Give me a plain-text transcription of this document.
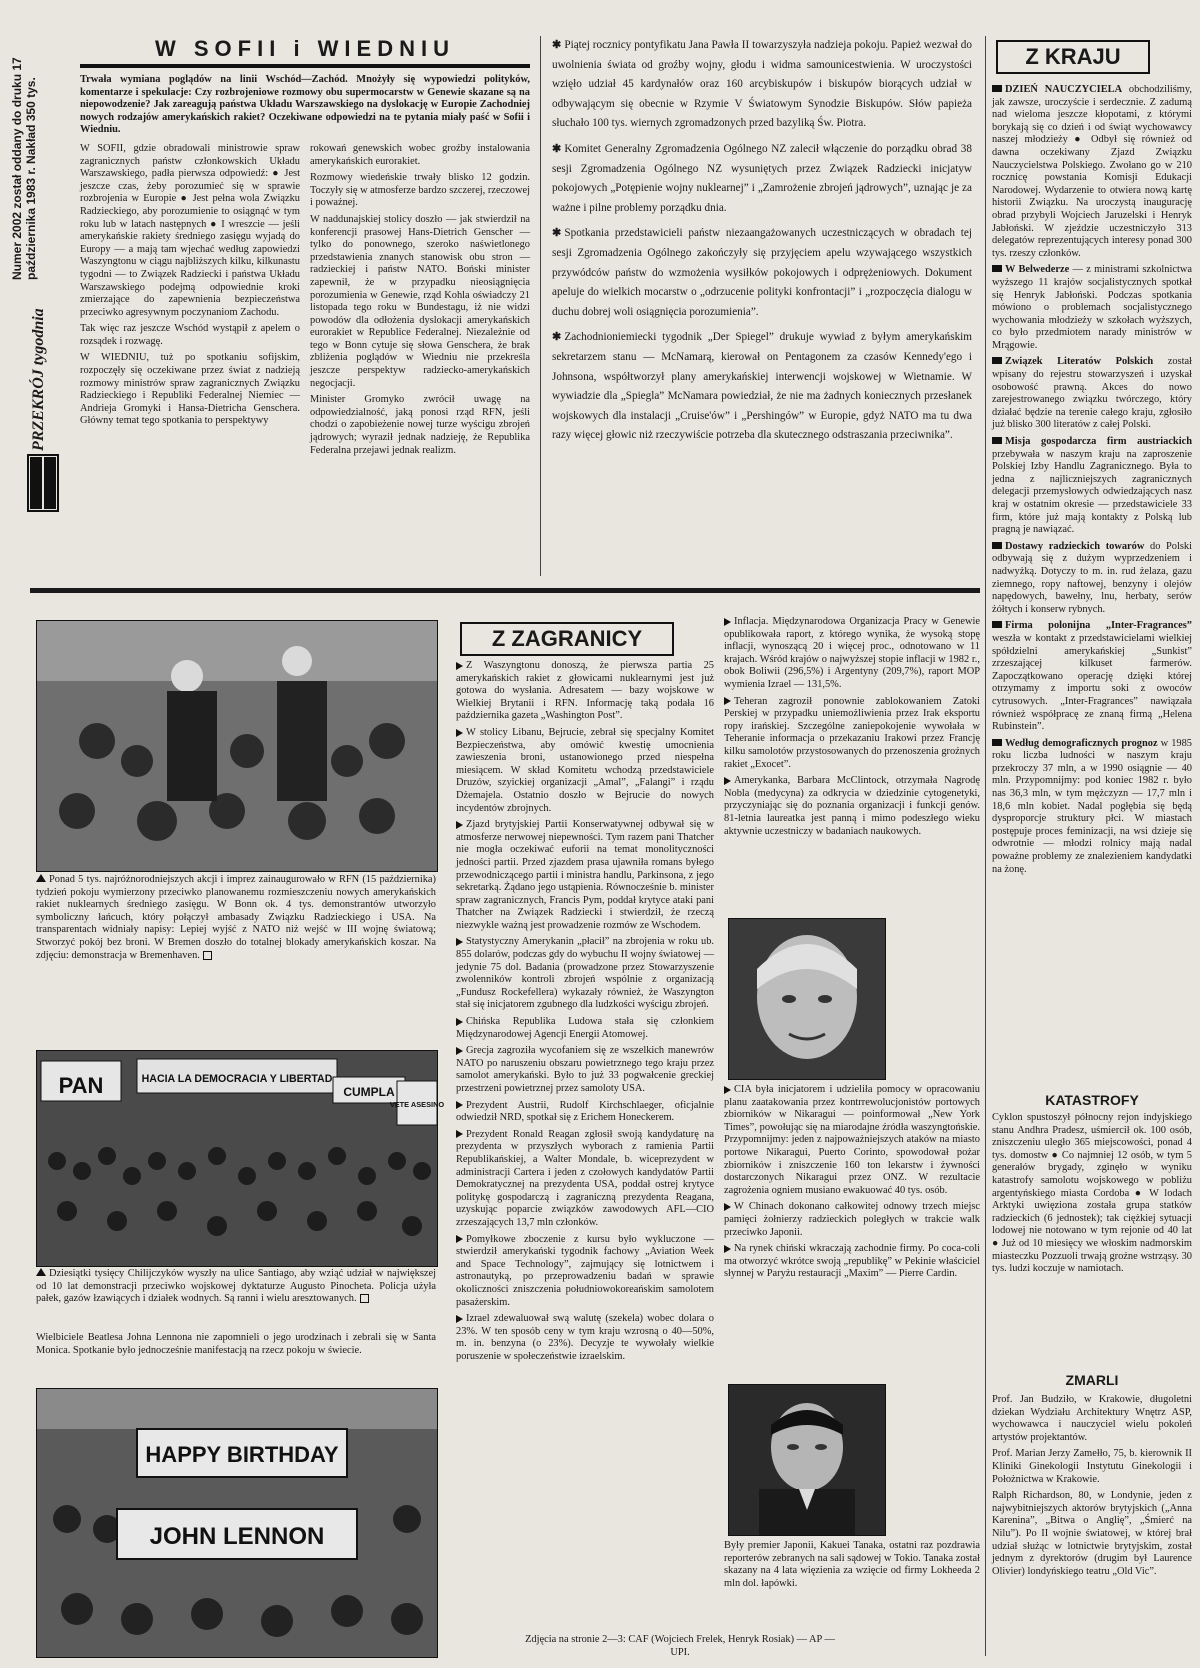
Numer 2002 został oddany do druku 17 października 1983 r. Nakład 350 tys.
PRZEKRÓJ tygodnia
W SOFII i WIEDNIU

Trwała wymiana poglądów na linii Wschód—Zachód. Mnożyły się wypowiedzi polityków, komentarze i spekulacje: Czy rozbrojeniowe rozmowy obu supermocarstw w Genewie skazane są na niepowodzenie? Jak zareagują państwa Układu Warszawskiego na dyslokację w Europie Zachodniej nowych rodzajów amerykańskich rakiet? Oczekiwane odpowiedzi na te pytania miały paść w Sofii i Wiedniu.

W SOFII, gdzie obradowali ministrowie spraw zagranicznych państw członkowskich Układu Warszawskiego, padła pierwsza odpowiedź: ● Jest jeszcze czas, żeby porozumieć się w sprawie rozbrojenia w Europie ● Jest pełna wola Związku Radzieckiego, aby porozumienie to osiągnąć w tym roku lub w latach następnych ● I wreszcie — jeśli amerykańskie rakiety średniego zasięgu wyjadą do Europy — a mają tam wjechać według zapowiedzi Waszyngtonu w ciągu najbliższych kilku, kilkunastu tygodni — to Związek Radziecki i państwa Układu Warszawskiego podejmą odpowiednie kroki zmierzające do zapewnienia bezpieczeństwa przeciwko agresywnym poczynaniom Zachodu.

Tak więc raz jeszcze Wschód wystąpił z apelem o rozsądek i rozwagę.

W WIEDNIU, tuż po spotkaniu sofijskim, rozpoczęły się oczekiwane przez świat z nadzieją rozmowy ministrów spraw zagranicznych Związku Radzieckiego i Republiki Federalnej Niemiec — Andrieja Gromyki i Hansa-Dietricha Genschera. Główny temat tego spotkania to perspektywy

rokowań genewskich wobec groźby instalowania amerykańskich eurorakiet.

Rozmowy wiedeńskie trwały blisko 12 godzin. Toczyły się w atmosferze bardzo szczerej, rzeczowej i poważnej.

W naddunajskiej stolicy doszło — jak stwierdził na konferencji prasowej Hans-Dietrich Genscher — tylko do ponownego, szeroko naświetlonego przedstawienia znanych stanowisk obu stron — radzieckiej i państw NATO. Boński minister zapewnił, że w przypadku nieosiągnięcia porozumienia w Genewie, rząd Kohla oświadczy 21 listopada tego roku w Bundestagu, iż nie widzi powodów dla odłożenia dyslokacji amerykańskich eurorakiet w Republice Federalnej. Niezależnie od tego w Bonn cytuje się słowa Genschera, że brak zbliżenia poglądów w Wiedniu nie przekreśla jeszcze perspektyw radziecko-amerykańskich negocjacji.

Minister Gromyko zwrócił uwagę na odpowiedzialność, jaką ponosi rząd RFN, jeśli chodzi o zapobieżenie nowej turze wyścigu zbrojeń jądrowych; wyraził jednak nadzieję, że Republika Federalna przejawi jednak realizm.

✱ Piątej rocznicy pontyfikatu Jana Pawła II towarzyszyła nadzieja pokoju. Papież wezwał do uwolnienia świata od groźby wojny, głodu i widma samounicestwienia. W uroczystości wzięło udział 45 kardynałów oraz 160 arcybiskupów i biskupów biorących udział w odbywającym się obecnie w Rzymie V Światowym Synodzie Biskupów. Słów papieża słuchało 100 tys. wiernych zgromadzonych przed bazyliką Św. Piotra.

✱ Komitet Generalny Zgromadzenia Ogólnego NZ zalecił włączenie do porządku obrad 38 sesji Zgromadzenia Ogólnego NZ wysuniętych przez Związek Radziecki inicjatyw pokojowych „Potępienie wojny nuklearnej” i „Zamrożenie zbrojeń jądrowych”, uznając je za ważne i pilne problemy porządku dnia.

✱ Spotkania przedstawicieli państw niezaangażowanych uczestniczących w obradach tej sesji Zgromadzenia Ogólnego zakończyły się przyjęciem apelu wzywającego wszystkich przywódców państw do wzmożenia wysiłków pokojowych i odprężeniowych. Dokument apeluje do wielkich mocarstw o „odrzucenie polityki konfrontacji” i „rozpoczęcia dialogu w duchu dobrej woli osiągnięcia porozumienia”.

✱ Zachodnioniemiecki tygodnik „Der Spiegel” drukuje wywiad z byłym amerykańskim sekretarzem stanu — McNamarą, kierował on Pentagonem za czasów Kennedy'ego i Johnsona, współtworzył plany amerykańskiej interwencji wojskowej w Wietnamie. W wywiadzie dla „Spiegla” McNamara powiedział, że nie ma żadnych koniecznych przesłanek wojskowych dla instalacji „Cruise'ów” i „Pershingów” w Europie, gdyż NATO ma tu dwa razy więcej głowic niż rzeczywiście potrzeba dla skutecznego odstraszania przeciwnika”.

Z KRAJU

DZIEŃ NAUCZYCIELA obchodziliśmy, jak zawsze, uroczyście i serdecznie. Z zadumą nad wieloma jeszcze kłopotami, z którymi borykają się co dzień i od świąt wychowawcy naszej młodzieży ● Odbył się również od dawna oczekiwany Zjazd Związku Nauczycielstwa Polskiego. Zwołano go w 210 rocznicę powstania Komisji Edukacji Narodowej. Wydarzenie to otwiera nową kartę historii Związku. Na uroczystą inaugurację obrad przybyli Wojciech Jaruzelski i Henryk Jabłoński. W zjeździe uczestniczyło 313 delegatów reprezentujących interesy ponad 300 tys. rzeszy członków.

W Belwederze — z ministrami szkolnictwa wyższego 11 krajów socjalistycznych spotkał się Henryk Jabłoński. Podczas spotkania mówiono o problemach socjalistycznego wychowania młodzieży w szkołach wyższych, co było przedmiotem narady ministrów w Mrągowie.

Związek Literatów Polskich został wpisany do rejestru stowarzyszeń i uzyskał osobowość prawną. Akces do nowo zarejestrowanego związku twórczego, który działać będzie na terenie całego kraju, zgłosiło już blisko 300 literatów z całej Polski.

Misja gospodarcza firm austriackich przebywała w naszym kraju na zaproszenie Polskiej Izby Handlu Zagranicznego. Była to jedna z najliczniejszych zagranicznych delegacji przemysłowych odwiedzających nasz kraj w ostatnim okresie — przedstawiciele 33 firm, które już mają kontakty z Polską lub pragną je nawiązać.

Dostawy radzieckich towarów do Polski odbywają się z dużym wyprzedzeniem i nadwyżką. Dotyczy to m. in. rud żelaza, gazu ziemnego, ropy naftowej, benzyny i olejów napędowych, bawełny, lnu, herbaty, serów żółtych i konserw rybnych.

Firma polonijna „Inter-Fragrances” weszła w kontakt z przedstawicielami wielkiej spółdzielni amerykańskiej „Sunkist” zrzeszającej kilkuset farmerów. Zapoczątkowano operację dzięki której otrzymamy z importu soki z owoców cytrusowych. „Inter-Fragrances” nawiązała również współpracę ze znaną firmą „Helena Rubinstein”.

Według demograficznych prognoz w 1985 roku liczba ludności w naszym kraju przekroczy 37 mln, a w 1990 osiągnie — 40 mln. Przypomnijmy: pod koniec 1982 r. było nas 36,3 mln, w tym mężczyzn — 17,7 mln i 18,6 mln kobiet. Nadal pogłębia się będą dysproporcje struktury płci. W miastach postępuje proces feminizacji, na wsi dzieje się odwrotnie — młodzi rolnicy mają nadal poważne problemy ze znalezieniem kandydatki na żonę.

KATASTROFY

Cyklon spustoszył północny rejon indyjskiego stanu Andhra Pradesz, uśmiercił ok. 100 osób, zniszczeniu uległo 365 miejscowości, ponad 4 tys. domostw ● Co najmniej 12 osób, w tym 5 generałów brygady, zginęło w wyniku katastrofy samolotu wojskowego w pobliżu argentyńskiego miasta Cordoba ● W lodach Arktyki uwięziona została grupa statków radzieckich (6 jednostek); tak ciężkiej sytuacji lodowej nie notowano w tym rejonie od 40 lat ● Już od 10 miesięcy we włoskim nadmorskim miasteczku Pozzuoli trwają groźne wstrząsy. 30 tys. ludzi koczuje w namiotach.

ZMARLI

Prof. Jan Budziło, w Krakowie, długoletni dziekan Wydziału Architektury Wnętrz ASP, wychowawca i nauczyciel wielu pokoleń artystów projektantów.

Prof. Marian Jerzy Zamełło, 75, b. kierownik II Kliniki Ginekologii Instytutu Ginekologii i Położnictwa w Krakowie.

Ralph Richardson, 80, w Londynie, jeden z najwybitniejszych aktorów brytyjskich („Anna Karenina”, „Bitwa o Anglię”, „Śmierć na Nilu”). Po II wojnie światowej, w której brał udział służąc w lotnictwie brytyjskim, został jednym z dyrektorów (drugim był Laurence Olivier) londyńskiego teatru „Old Vic”.

Ponad 5 tys. najróżnorodniejszych akcji i imprez zainaugurowało w RFN (15 października) tydzień pokoju wymierzony przeciwko planowanemu rozmieszczeniu nowych amerykańskich rakiet nuklearnych średniego zasięgu. W Bonn ok. 4 tys. demonstrantów utworzyło symboliczny łańcuch, który połączył ambasady Związku Radzieckiego i USA. Na transparentach widniały napisy: Lepiej wyjść z NATO niż wejść w III wojnę światową; Stworzyć pokój bez broni. W Bremen doszło do totalnej blokady amerykańskich koszar. Na zdjęciu: demonstracja w Bremenhaven.

PAN	HACIA LA DEMOCRACIA Y LIBERTAD
CUMPLA
VETE ASESINO

Dziesiątki tysięcy Chilijczyków wyszły na ulice Santiago, aby wziąć udział w największej od 10 lat demonstracji przeciwko wojskowej dyktaturze Augusto Pinocheta. Policja użyła pałek, gazów łzawiących i działek wodnych. Są ranni i wielu aresztowanych.

Wielbiciele Beatlesa Johna Lennona nie zapomnieli o jego urodzinach i zebrali się w Santa Monica. Spotkanie było jednocześnie manifestacją na rzecz pokoju w świecie.

HAPPY BIRTHDAY
JOHN LENNON
Z ZAGRANICY

Z Waszyngtonu donoszą, że pierwsza partia 25 amerykańskich rakiet z głowicami nuklearnymi jest już gotowa do wysłania. Adresatem — bazy wojskowe w Wielkiej Brytanii i RFN. Informację taką podała 16 października gazeta „Washington Post”.

W stolicy Libanu, Bejrucie, zebrał się specjalny Komitet Bezpieczeństwa, aby omówić kwestię umocnienia zawieszenia broni, ustanowionego przed niespełna miesiącem. W skład Komitetu wchodzą przedstawiciele Druzów, szyickiej organizacji „Amal”, „Falangi” i rządu Dżemajela. Ostatnio doszło w Bejrucie do nowych incydentów zbrojnych.

Zjazd brytyjskiej Partii Konserwatywnej odbywał się w atmosferze nerwowej niepewności. Tym razem pani Thatcher nie mogła oczekiwać euforii na temat monolityczności jedności partii. Przed zjazdem prasa ujawniła romans byłego przewodniczącego partii i ministra handlu, Parkinsona, z jego sekretarką. Żądano jego ustąpienia. Równocześnie b. minister spraw zagranicznych, Francis Pym, poddał krytyce ataki pani Thatcher na Związek Radziecki i stwierdził, że rzeczą niezwykle ważną jest prowadzenie rozmów ze Wschodem.

Statystyczny Amerykanin „płacił” na zbrojenia w roku ub. 855 dolarów, podczas gdy do wybuchu II wojny światowej — jedynie 75 dol. Badania (prowadzone przez Stowarzyszenie zwolenników kontroli zbrojeń wspólnie z organizacją „Fundusz Rockefellera) wykazały również, że Waszyngton stał się inicjatorem zgubnego dla ludzkości wyścigu zbrojeń.

Chińska Republika Ludowa stała się członkiem Międzynarodowej Agencji Energii Atomowej.

Grecja zagroziła wycofaniem się ze wszelkich manewrów NATO po naruszeniu obszaru powietrznego tego kraju przez samolot amerykański. Było to już 33 pogwałcenie greckiej przestrzeni powietrznej przez samoloty USA.

Prezydent Austrii, Rudolf Kirchschlaeger, oficjalnie odwiedził NRD, spotkał się z Erichem Honeckerem.

Prezydent Ronald Reagan zgłosił swoją kandydaturę na prezydenta w przyszłych wyborach z ramienia Partii Republikańskiej, a Walter Mondale, b. wiceprezydent w administracji Cartera i jeden z czołowych kandydatów Partii Demokratycznej na prezydenta USA, poddał ostrej krytyce politykę gospodarczą i zagraniczną prezydenta Reagana, uzyskując poparcie związków zawodowych AFL—CIO zrzeszających 13,7 mln członków.

Pomyłkowe zboczenie z kursu było wykluczone — stwierdził amerykański tygodnik fachowy „Aviation Week and Space Technology”, zajmujący się lotnictwem i astronautyką, po przeprowadzeniu badań w sprawie okoliczności zniszczenia południowokoreańskim samolotem pasażerskim.

Izrael zdewaluował swą walutę (szekela) wobec dolara o 23%. W ten sposób ceny w tym kraju wzrosną o 40—50%, m. in. benzyna (o 23%). Decyzje te wywołały wielkie poruszenie w społeczeństwie izraelskim.

Inflacja. Międzynarodowa Organizacja Pracy w Genewie opublikowała raport, z którego wynika, że wysoką stopę inflacji, wynoszącą 20 i więcej proc., odnotowano w 11 krajach. Wśród krajów o najwyższej stopie inflacji w 1982 r., obok Boliwii (296,5%) i Argentyny (209,7%), raport MOP wymienia Izrael — 131,5%.

Teheran zagroził ponownie zablokowaniem Zatoki Perskiej w przypadku uniemożliwienia przez Irak eksportu ropy irańskiej. Szczególne zaniepokojenie wywołała w Teheranie informacja o przekazaniu Irakowi przez Francję kilku samolotów przystosowanych do przenoszenia groźnych rakiet „Exocet”.

Amerykanka, Barbara McClintock, otrzymała Nagrodę Nobla (medycyna) za odkrycia w dziedzinie cytogenetyki, przyczyniając się do poznania organizacji i funkcji genów. 81-letnia laureatka jest panną i mimo podeszłego wieku aktywnie uczestniczy w badaniach naukowych.

CIA była inicjatorem i udzieliła pomocy w opracowaniu planu zaatakowania przez kontrrewolucjonistów portowych zbiorników w Nikaragui — poinformował „New York Times”, powołując się na miarodajne źródła waszyngtońskie. Przypomnijmy: jeden z najpoważniejszych ataków na miasto portowe Nikaragui, Puerto Corinto, spowodował pożar zbiorników i zniszczenie 160 ton lekarstw i żywności dostarczonych Nikaragui przez ONZ. W rezultacie zagrożenia ogniem musiano ewakuować 40 tys. osób.

W Chinach dokonano całkowitej odnowy trzech miejsc pamięci żołnierzy radzieckich poległych w trakcie walk przeciwko Japonii.

Na rynek chiński wkraczają zachodnie firmy. Po coca-coli ma otworzyć wkrótce swoją „republikę” w Pekinie właściciel słynnej w Paryżu restauracji „Maxim” — Pierre Cardin.

Były premier Japonii, Kakuei Tanaka, ostatni raz pozdrawia reporterów zebranych na sali sądowej w Tokio. Tanaka został skazany na 4 lata więzienia za wzięcie od firmy Lokheeda 2 mln dol. łapówki.

Zdjęcia na stronie 2—3: CAF (Wojciech Frelek, Henryk Rosiak) — AP — UPI.
